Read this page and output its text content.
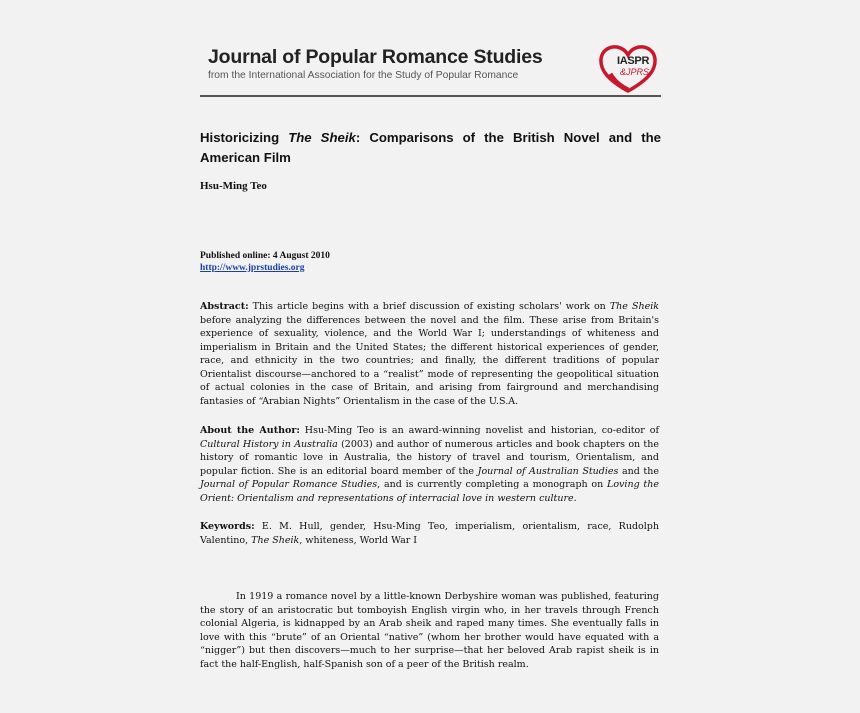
Journal of Popular Romance Studies
from the International Association for the Study of Popular Romance
IASPR
&JPRS
Historicizing The Sheik: Comparisons of the British Novel and the American Film
Hsu-Ming Teo
Published online: 4 August 2010
http://www.jprstudies.org
Abstract: This article begins with a brief discussion of existing scholars' work on The Sheik before analyzing the differences between the novel and the film. These arise from Britain's experience of sexuality, violence, and the World War I; understandings of whiteness and imperialism in Britain and the United States; the different historical experiences of gender, race, and ethnicity in the two countries; and finally, the different traditions of popular Orientalist discourse—anchored to a “realist” mode of representing the geopolitical situation of actual colonies in the case of Britain, and arising from fairground and merchandising fantasies of “Arabian Nights” Orientalism in the case of the U.S.A.
About the Author: Hsu-Ming Teo is an award-winning novelist and historian, co-editor of Cultural History in Australia (2003) and author of numerous articles and book chapters on the history of romantic love in Australia, the history of travel and tourism, Orientalism, and popular fiction. She is an editorial board member of the Journal of Australian Studies and the Journal of Popular Romance Studies, and is currently completing a monograph on Loving the Orient: Orientalism and representations of interracial love in western culture.
Keywords: E. M. Hull, gender, Hsu-Ming Teo, imperialism, orientalism, race, Rudolph Valentino, The Sheik, whiteness, World War I
In 1919 a romance novel by a little-known Derbyshire woman was published, featuring the story of an aristocratic but tomboyish English virgin who, in her travels through French colonial Algeria, is kidnapped by an Arab sheik and raped many times. She eventually falls in love with this “brute” of an Oriental “native” (whom her brother would have equated with a “nigger”) but then discovers—much to her surprise—that her beloved Arab rapist sheik is in fact the half-English, half-Spanish son of a peer of the British realm.
